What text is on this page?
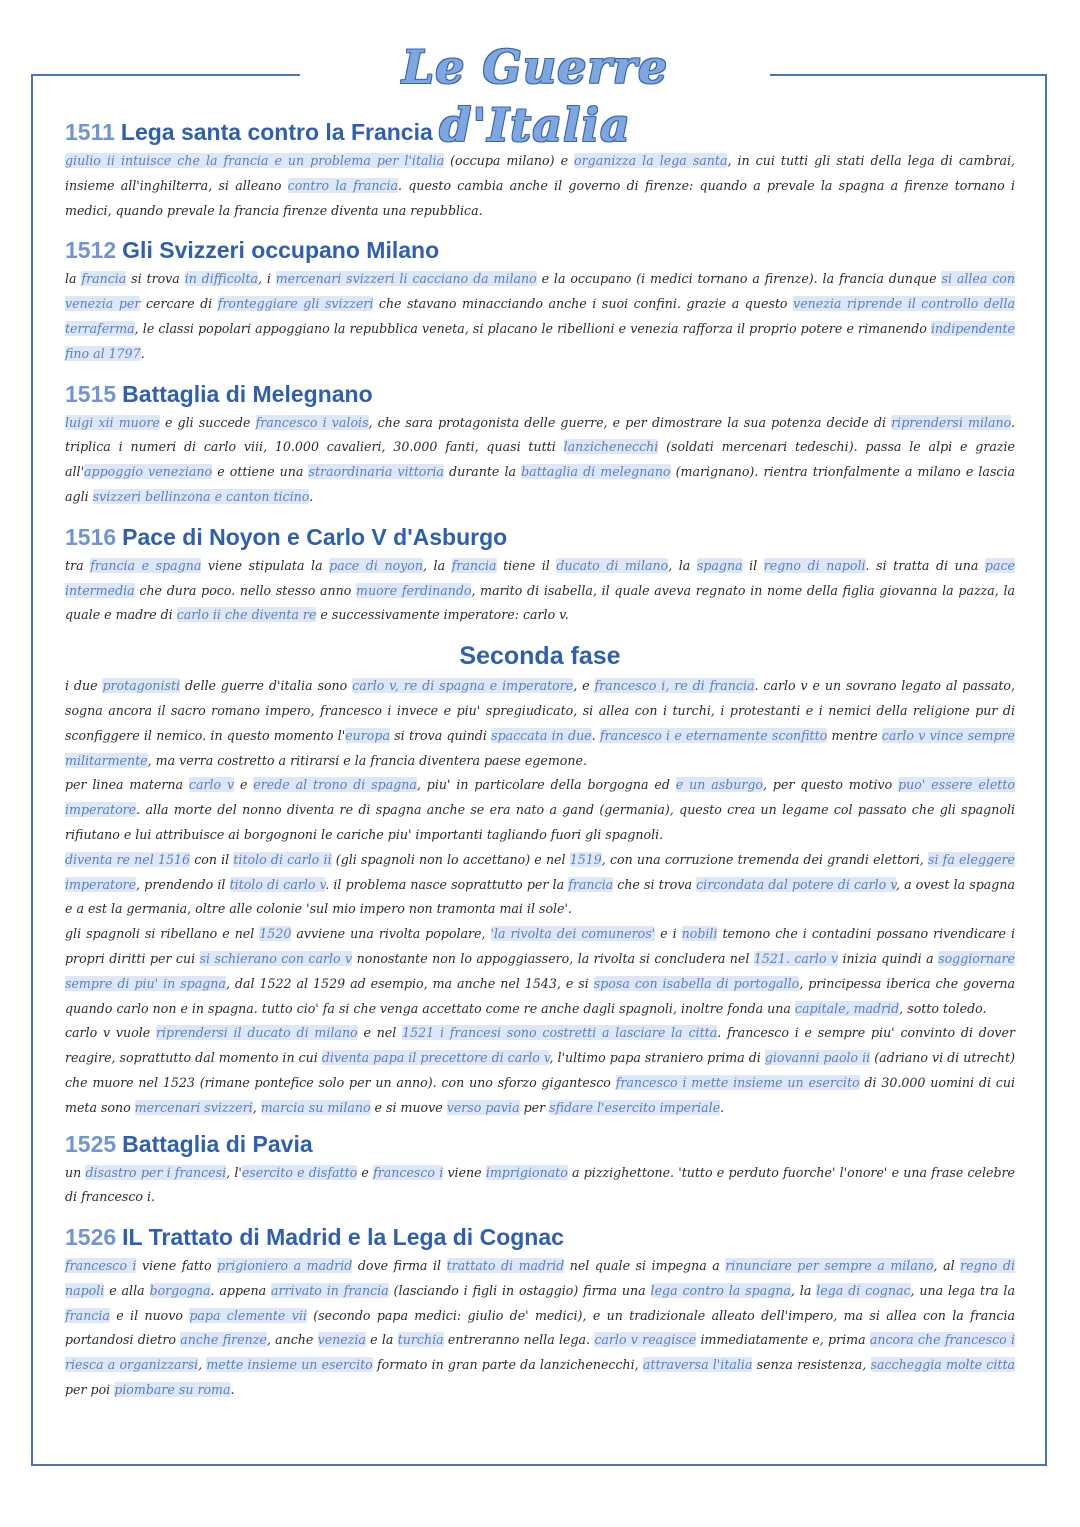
Le Guerre d'Italia
1511 Lega santa contro la Francia

giulio ii intuisce che la francia e un problema per l'italia (occupa milano) e organizza la lega santa, in cui tutti gli stati della lega di cambrai, insieme all'inghilterra, si alleano contro la francia. questo cambia anche il governo di firenze: quando a prevale la spagna a firenze tornano i medici, quando prevale la francia firenze diventa una repubblica.

1512 Gli Svizzeri occupano Milano

la francia si trova in difficolta, i mercenari svizzeri li cacciano da milano e la occupano (i medici tornano a firenze). la francia dunque si allea con venezia per cercare di fronteggiare gli svizzeri che stavano minacciando anche i suoi confini. grazie a questo venezia riprende il controllo della terraferma, le classi popolari appoggiano la repubblica veneta, si placano le ribellioni e venezia rafforza il proprio potere e rimanendo indipendente fino al 1797.

1515 Battaglia di Melegnano

luigi xii muore e gli succede francesco i valois, che sara protagonista delle guerre, e per dimostrare la sua potenza decide di riprendersi milano. triplica i numeri di carlo viii, 10.000 cavalieri, 30.000 fanti, quasi tutti lanzichenecchi (soldati mercenari tedeschi). passa le alpi e grazie all'appoggio veneziano e ottiene una straordinaria vittoria durante la battaglia di melegnano (marignano). rientra trionfalmente a milano e lascia agli svizzeri bellinzona e canton ticino.

1516 Pace di Noyon e Carlo V d'Asburgo

tra francia e spagna viene stipulata la pace di noyon, la francia tiene il ducato di milano, la spagna il regno di napoli. si tratta di una pace intermedia che dura poco. nello stesso anno muore ferdinando, marito di isabella, il quale aveva regnato in nome della figlia giovanna la pazza, la quale e madre di carlo ii che diventa re e successivamente imperatore: carlo v.

Seconda fase

i due protagonisti delle guerre d'italia sono carlo v, re di spagna e imperatore, e francesco i, re di francia. carlo v e un sovrano legato al passato, sogna ancora il sacro romano impero, francesco i invece e piu' spregiudicato, si allea con i turchi, i protestanti e i nemici della religione pur di sconfiggere il nemico. in questo momento l'europa si trova quindi spaccata in due. francesco i e eternamente sconfitto mentre carlo v vince sempre militarmente, ma verra costretto a ritirarsi e la francia diventera paese egemone.

per linea materna carlo v e erede al trono di spagna, piu' in particolare della borgogna ed e un asburgo, per questo motivo puo' essere eletto imperatore. alla morte del nonno diventa re di spagna anche se era nato a gand (germania), questo crea un legame col passato che gli spagnoli rifiutano e lui attribuisce ai borgognoni le cariche piu' importanti tagliando fuori gli spagnoli.

diventa re nel 1516 con il titolo di carlo ii (gli spagnoli non lo accettano) e nel 1519, con una corruzione tremenda dei grandi elettori, si fa eleggere imperatore, prendendo il titolo di carlo v. il problema nasce soprattutto per la francia che si trova circondata dal potere di carlo v, a ovest la spagna e a est la germania, oltre alle colonie 'sul mio impero non tramonta mai il sole'.

gli spagnoli si ribellano e nel 1520 avviene una rivolta popolare, 'la rivolta dei comuneros' e i nobili temono che i contadini possano rivendicare i propri diritti per cui si schierano con carlo v nonostante non lo appoggiassero, la rivolta si concludera nel 1521. carlo v inizia quindi a soggiornare sempre di piu' in spagna, dal 1522 al 1529 ad esempio, ma anche nel 1543, e si sposa con isabella di portogallo, principessa iberica che governa quando carlo non e in spagna. tutto cio' fa si che venga accettato come re anche dagli spagnoli, inoltre fonda una capitale, madrid, sotto toledo.

carlo v vuole riprendersi il ducato di milano e nel 1521 i francesi sono costretti a lasciare la citta. francesco i e sempre piu' convinto di dover reagire, soprattutto dal momento in cui diventa papa il precettore di carlo v, l'ultimo papa straniero prima di giovanni paolo ii (adriano vi di utrecht) che muore nel 1523 (rimane pontefice solo per un anno). con uno sforzo gigantesco francesco i mette insieme un esercito di 30.000 uomini di cui meta sono mercenari svizzeri, marcia su milano e si muove verso pavia per sfidare l'esercito imperiale.

1525 Battaglia di Pavia

un disastro per i francesi, l'esercito e disfatto e francesco i viene imprigionato a pizzighettone. 'tutto e perduto fuorche' l'onore' e una frase celebre di francesco i.

1526 IL Trattato di Madrid e la Lega di Cognac

francesco i viene fatto prigioniero a madrid dove firma il trattato di madrid nel quale si impegna a rinunciare per sempre a milano, al regno di napoli e alla borgogna. appena arrivato in francia (lasciando i figli in ostaggio) firma una lega contro la spagna, la lega di cognac, una lega tra la francia e il nuovo papa clemente vii (secondo papa medici: giulio de' medici), e un tradizionale alleato dell'impero, ma si allea con la francia portandosi dietro anche firenze, anche venezia e la turchia entreranno nella lega. carlo v reagisce immediatamente e, prima ancora che francesco i riesca a organizzarsi, mette insieme un esercito formato in gran parte da lanzichenecchi, attraversa l'italia senza resistenza, saccheggia molte citta per poi piombare su roma.
